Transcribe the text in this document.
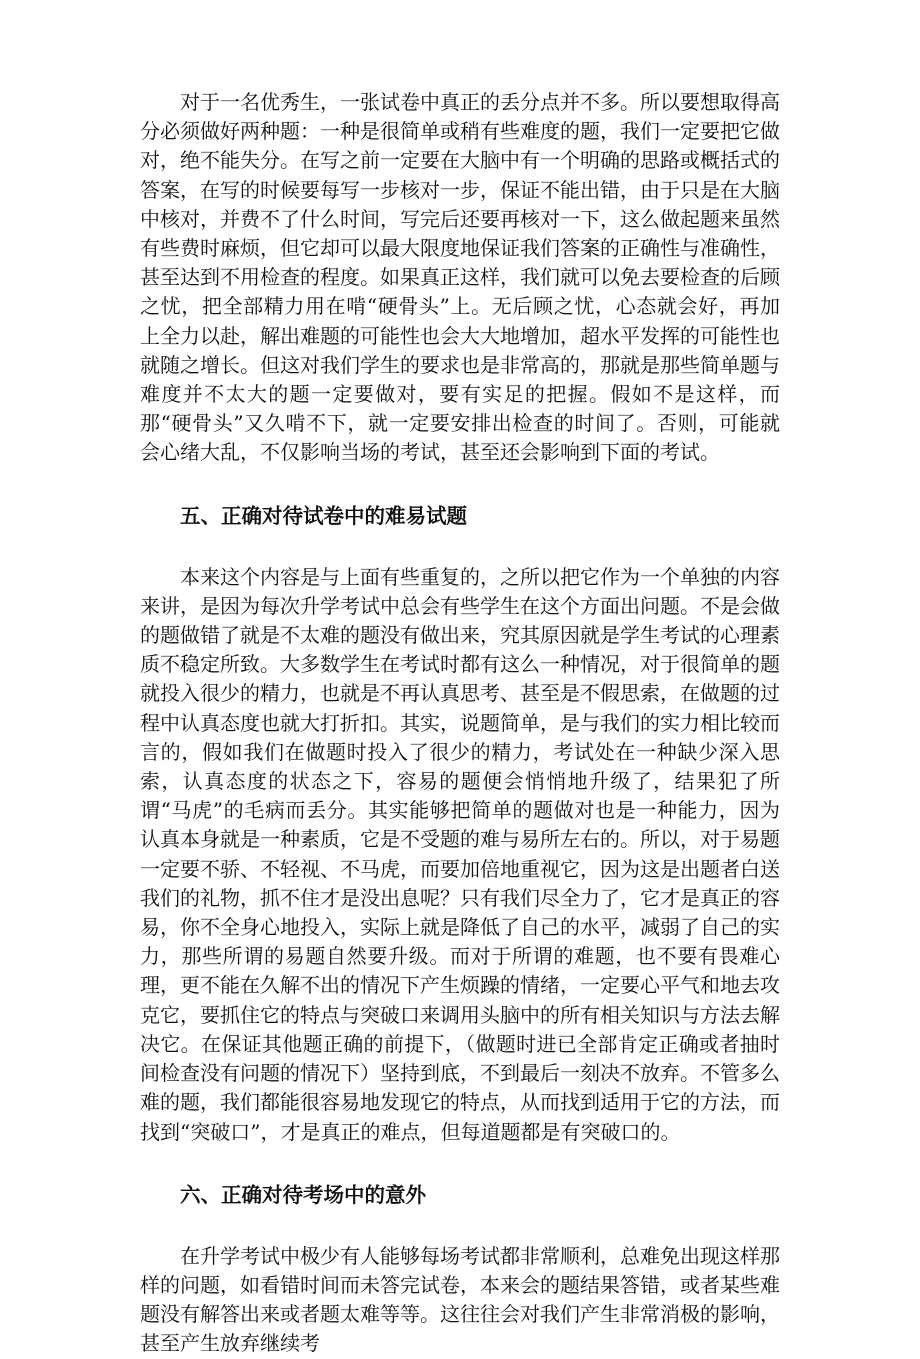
对于一名优秀生，一张试卷中真正的丢分点并不多。所以要想取得高分必须做好两种题：一种是很简单或稍有些难度的题，我们一定要把它做对，绝不能失分。在写之前一定要在大脑中有一个明确的思路或概括式的答案，在写的时候要每写一步核对一步，保证不能出错，由于只是在大脑中核对，并费不了什么时间，写完后还要再核对一下，这么做起题来虽然有些费时麻烦，但它却可以最大限度地保证我们答案的正确性与准确性，甚至达到不用检查的程度。如果真正这样，我们就可以免去要检查的后顾之忧，把全部精力用在啃“硬骨头”上。无后顾之忧，心态就会好，再加上全力以赴，解出难题的可能性也会大大地增加，超水平发挥的可能性也就随之增长。但这对我们学生的要求也是非常高的，那就是那些简单题与难度并不太大的题一定要做对，要有实足的把握。假如不是这样，而那“硬骨头”又久啃不下，就一定要安排出检查的时间了。否则，可能就会心绪大乱，不仅影响当场的考试，甚至还会影响到下面的考试。

五、正确对待试卷中的难易试题

本来这个内容是与上面有些重复的，之所以把它作为一个单独的内容来讲，是因为每次升学考试中总会有些学生在这个方面出问题。不是会做的题做错了就是不太难的题没有做出来，究其原因就是学生考试的心理素质不稳定所致。大多数学生在考试时都有这么一种情况，对于很简单的题就投入很少的精力，也就是不再认真思考、甚至是不假思索，在做题的过程中认真态度也就大打折扣。其实，说题简单，是与我们的实力相比较而言的，假如我们在做题时投入了很少的精力，考试处在一种缺少深入思索，认真态度的状态之下，容易的题便会悄悄地升级了，结果犯了所谓“马虎”的毛病而丢分。其实能够把简单的题做对也是一种能力，因为认真本身就是一种素质，它是不受题的难与易所左右的。所以，对于易题一定要不骄、不轻视、不马虎，而要加倍地重视它，因为这是出题者白送我们的礼物，抓不住才是没出息呢？只有我们尽全力了，它才是真正的容易，你不全身心地投入，实际上就是降低了自己的水平，减弱了自己的实力，那些所谓的易题自然要升级。而对于所谓的难题，也不要有畏难心理，更不能在久解不出的情况下产生烦躁的情绪，一定要心平气和地去攻克它，要抓住它的特点与突破口来调用头脑中的所有相关知识与方法去解决它。在保证其他题正确的前提下，（做题时进已全部肯定正确或者抽时间检查没有问题的情况下）坚持到底，不到最后一刻决不放弃。不管多么难的题，我们都能很容易地发现它的特点，从而找到适用于它的方法，而找到“突破口”，才是真正的难点，但每道题都是有突破口的。

六、正确对待考场中的意外

在升学考试中极少有人能够每场考试都非常顺利，总难免出现这样那样的问题，如看错时间而未答完试卷，本来会的题结果答错，或者某些难题没有解答出来或者题太难等等。这往往会对我们产生非常消极的影响，甚至产生放弃继续考
